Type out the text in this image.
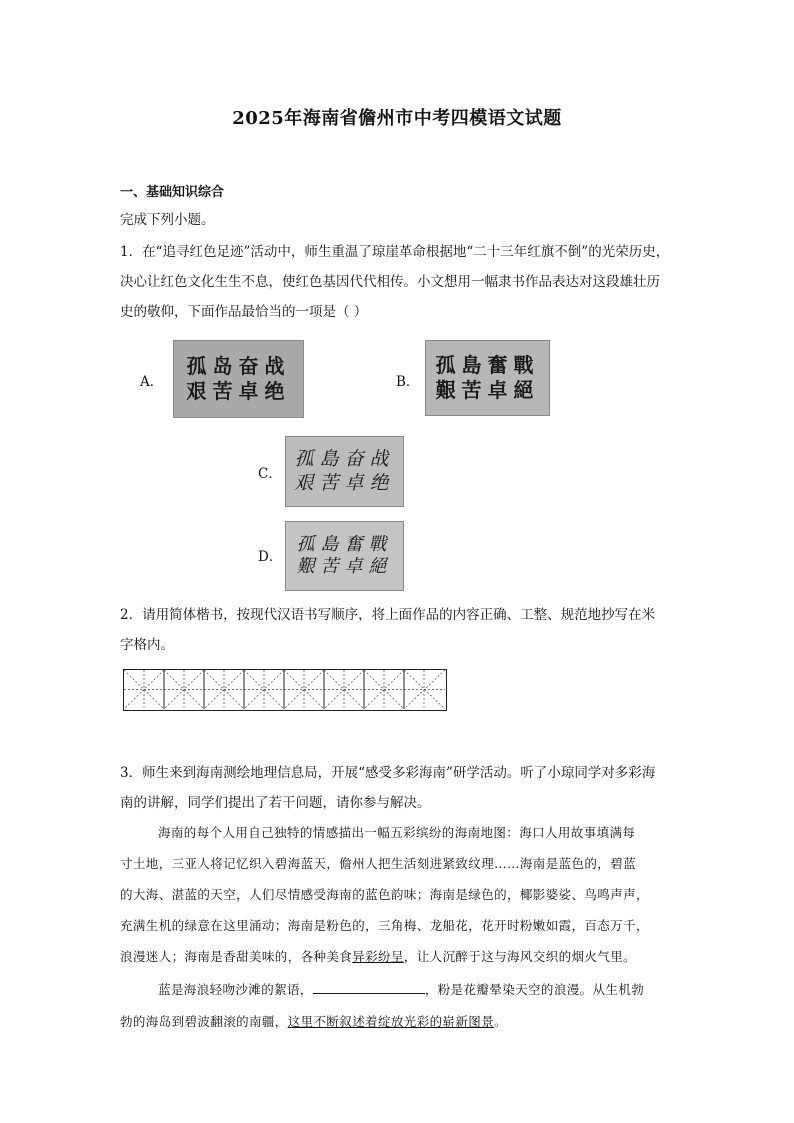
2025年海南省儋州市中考四模语文试题
一、基础知识综合
完成下列小题。
1．在“追寻红色足迹”活动中，师生重温了琼崖革命根据地“二十三年红旗不倒”的光荣历史，
决心让红色文化生生不息，使红色基因代代相传。小文想用一幅隶书作品表达对这段雄壮历
史的敬仰，下面作品最恰当的一项是（ ）
A．
孤岛奋战
艰苦卓绝	B．
孤島奮戰
艱苦卓絕
C．
孤島奋战
艰苦卓绝
D．
孤島奮戰
艱苦卓絕
2．请用简体楷书，按现代汉语书写顺序，将上面作品的内容正确、工整、规范地抄写在米
字格内。
3．师生来到海南测绘地理信息局，开展“感受多彩海南”研学活动。听了小琼同学对多彩海
南的讲解，同学们提出了若干问题，请你参与解决。
海南的每个人用自己独特的情感描出一幅五彩缤纷的海南地图：海口人用故事填满每
寸土地，三亚人将记忆织入碧海蓝天，儋州人把生活刻进紧致纹理……海南是蓝色的，碧蓝
的大海、湛蓝的天空，人们尽情感受海南的蓝色韵味；海南是绿色的，椰影婆娑、鸟鸣声声，
充满生机的绿意在这里涌动；海南是粉色的，三角梅、龙船花，花开时粉嫩如霞，百态万千，
浪漫迷人；海南是香甜美味的，各种美食异彩纷呈，让人沉醉于这与海风交织的烟火气里。
蓝是海浪轻吻沙滩的絮语，	，粉是花瓣晕染天空的浪漫。从生机勃
勃的海岛到碧波翻滚的南疆，这里不断叙述着绽放光彩的崭新图景。
